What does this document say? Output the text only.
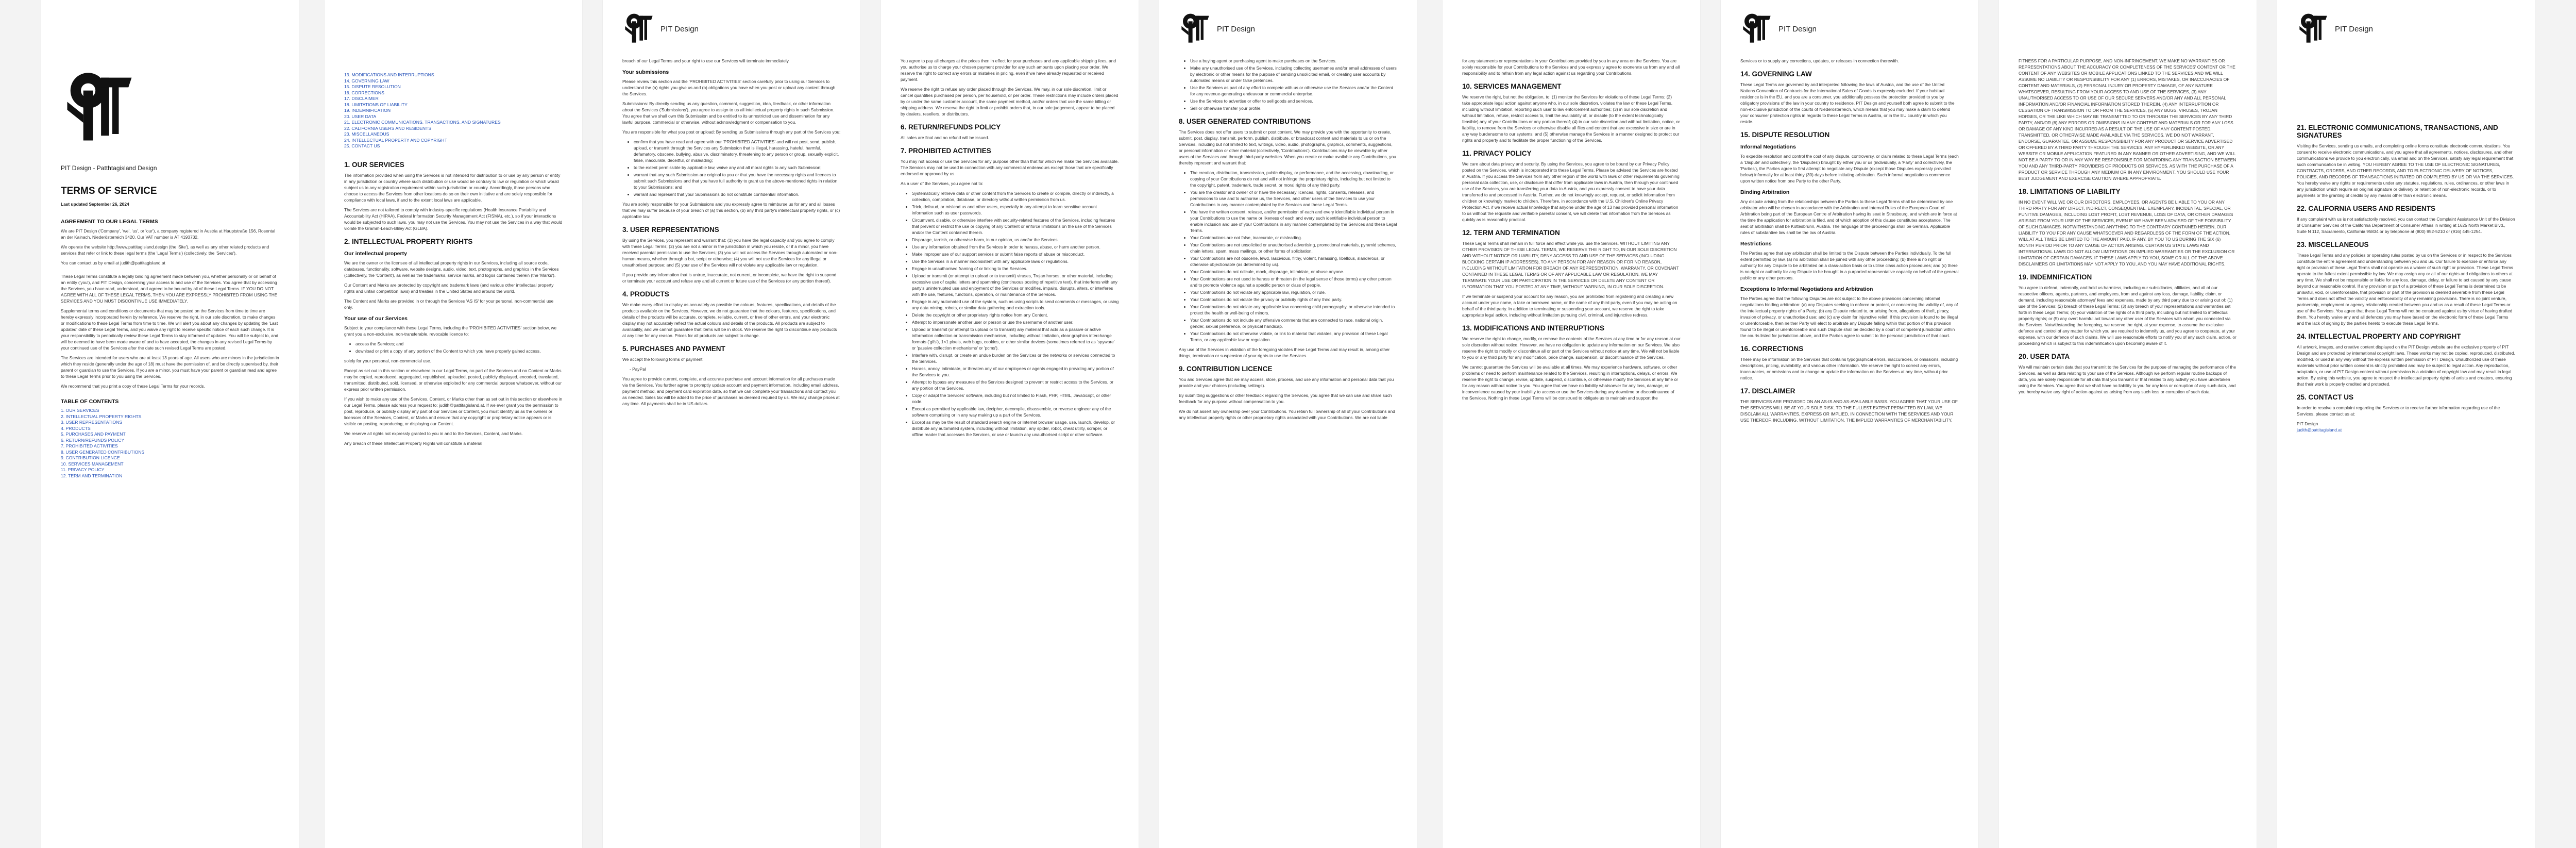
PIT Design - Patthtagisland Design
TERMS OF SERVICE
Last updated September 26, 2024
AGREEMENT TO OUR LEGAL TERMS
We are PIT Design ('Company', 'we', 'us', or 'our'), a company registered in Austria at Hauptstraße 156, Rosental an der Kainach, Niederösterreich 3420. Our VAT number is AT 4193732.
We operate the website http://www.pattitagisland.design (the 'Site'), as well as any other related products and services that refer or link to these legal terms (the 'Legal Terms') (collectively, the 'Services').
You can contact us by email at judith@pattitagisland.at
These Legal Terms constitute a legally binding agreement made between you, whether personally or on behalf of an entity ('you'), and PIT Design, concerning your access to and use of the Services. You agree that by accessing the Services, you have read, understood, and agreed to be bound by all of these Legal Terms. IF YOU DO NOT AGREE WITH ALL OF THESE LEGAL TERMS, THEN YOU ARE EXPRESSLY PROHIBITED FROM USING THE SERVICES AND YOU MUST DISCONTINUE USE IMMEDIATELY.
Supplemental terms and conditions or documents that may be posted on the Services from time to time are hereby expressly incorporated herein by reference. We reserve the right, in our sole discretion, to make changes or modifications to these Legal Terms from time to time. We will alert you about any changes by updating the 'Last updated' date of these Legal Terms, and you waive any right to receive specific notice of each such change. It is your responsibility to periodically review these Legal Terms to stay informed of updates. You will be subject to, and will be deemed to have been made aware of and to have accepted, the changes in any revised Legal Terms by your continued use of the Services after the date such revised Legal Terms are posted.
The Services are intended for users who are at least 13 years of age. All users who are minors in the jurisdiction in which they reside (generally under the age of 18) must have the permission of, and be directly supervised by, their parent or guardian to use the Services. If you are a minor, you must have your parent or guardian read and agree to these Legal Terms prior to you using the Services.
We recommend that you print a copy of these Legal Terms for your records.
TABLE OF CONTENTS
1. OUR SERVICES
2. INTELLECTUAL PROPERTY RIGHTS
3. USER REPRESENTATIONS
4. PRODUCTS
5. PURCHASES AND PAYMENT
6. RETURN/REFUNDS POLICY
7. PROHIBITED ACTIVITIES
8. USER GENERATED CONTRIBUTIONS
9. CONTRIBUTION LICENCE
10. SERVICES MANAGEMENT
11. PRIVACY POLICY
12. TERM AND TERMINATION
13. MODIFICATIONS AND INTERRUPTIONS
14. GOVERNING LAW
15. DISPUTE RESOLUTION
16. CORRECTIONS
17. DISCLAIMER
18. LIMITATIONS OF LIABILITY
19. INDEMNIFICATION
20. USER DATA
21. ELECTRONIC COMMUNICATIONS, TRANSACTIONS, AND SIGNATURES
22. CALIFORNIA USERS AND RESIDENTS
23. MISCELLANEOUS
24. INTELLECTUAL PROPERTY AND COPYRIGHT
25. CONTACT US
1. OUR SERVICES
The information provided when using the Services is not intended for distribution to or use by any person or entity in any jurisdiction or country where such distribution or use would be contrary to law or regulation or which would subject us to any registration requirement within such jurisdiction or country. Accordingly, those persons who choose to access the Services from other locations do so on their own initiative and are solely responsible for compliance with local laws, if and to the extent local laws are applicable.
The Services are not tailored to comply with industry-specific regulations (Health Insurance Portability and Accountability Act (HIPAA), Federal Information Security Management Act (FISMA), etc.), so if your interactions would be subjected to such laws, you may not use the Services. You may not use the Services in a way that would violate the Gramm-Leach-Bliley Act (GLBA).
2. INTELLECTUAL PROPERTY RIGHTS
Our intellectual property
We are the owner or the licensee of all intellectual property rights in our Services, including all source code, databases, functionality, software, website designs, audio, video, text, photographs, and graphics in the Services (collectively, the 'Content'), as well as the trademarks, service marks, and logos contained therein (the 'Marks').
Our Content and Marks are protected by copyright and trademark laws (and various other intellectual property rights and unfair competition laws) and treaties in the United States and around the world.
The Content and Marks are provided in or through the Services 'AS IS' for your personal, non-commercial use only.
Your use of our Services
Subject to your compliance with these Legal Terms, including the 'PROHIBITED ACTIVITIES' section below, we grant you a non-exclusive, non-transferable, revocable licence to:
• access the Services; and
• download or print a copy of any portion of the Content to which you have properly gained access,
solely for your personal, non-commercial use.
Except as set out in this section or elsewhere in our Legal Terms, no part of the Services and no Content or Marks may be copied, reproduced, aggregated, republished, uploaded, posted, publicly displayed, encoded, translated, transmitted, distributed, sold, licensed, or otherwise exploited for any commercial purpose whatsoever, without our express prior written permission.
If you wish to make any use of the Services, Content, or Marks other than as set out in this section or elsewhere in our Legal Terms, please address your request to: judith@pattitagisland.at. If we ever grant you the permission to post, reproduce, or publicly display any part of our Services or Content, you must identify us as the owners or licensors of the Services, Content, or Marks and ensure that any copyright or proprietary notice appears or is visible on posting, reproducing, or displaying our Content.
We reserve all rights not expressly granted to you in and to the Services, Content, and Marks.
Any breach of these Intellectual Property Rights will constitute a material
PIT Design
breach of our Legal Terms and your right to use our Services will terminate immediately.
Your submissions
Please review this section and the 'PROHIBITED ACTIVITIES' section carefully prior to using our Services to understand the (a) rights you give us and (b) obligations you have when you post or upload any content through the Services.
Submissions: By directly sending us any question, comment, suggestion, idea, feedback, or other information about the Services ('Submissions'), you agree to assign to us all intellectual property rights in such Submission. You agree that we shall own this Submission and be entitled to its unrestricted use and dissemination for any lawful purpose, commercial or otherwise, without acknowledgment or compensation to you.
You are responsible for what you post or upload: By sending us Submissions through any part of the Services you:
• confirm that you have read and agree with our 'PROHIBITED ACTIVITIES' and will not post, send, publish, upload, or transmit through the Services any Submission that is illegal, harassing, hateful, harmful, defamatory, obscene, bullying, abusive, discriminatory, threatening to any person or group, sexually explicit, false, inaccurate, deceitful, or misleading;
• to the extent permissible by applicable law, waive any and all moral rights to any such Submission;
• warrant that any such Submission are original to you or that you have the necessary rights and licences to submit such Submissions and that you have full authority to grant us the above-mentioned rights in relation to your Submissions; and
• warrant and represent that your Submissions do not constitute confidential information.
You are solely responsible for your Submissions and you expressly agree to reimburse us for any and all losses that we may suffer because of your breach of (a) this section, (b) any third party's intellectual property rights, or (c) applicable law.
3. USER REPRESENTATIONS
By using the Services, you represent and warrant that: (1) you have the legal capacity and you agree to comply with these Legal Terms; (2) you are not a minor in the jurisdiction in which you reside, or if a minor, you have received parental permission to use the Services; (3) you will not access the Services through automated or non-human means, whether through a bot, script or otherwise; (4) you will not use the Services for any illegal or unauthorised purpose; and (5) your use of the Services will not violate any applicable law or regulation.
If you provide any information that is untrue, inaccurate, not current, or incomplete, we have the right to suspend or terminate your account and refuse any and all current or future use of the Services (or any portion thereof).
4. PRODUCTS
We make every effort to display as accurately as possible the colours, features, specifications, and details of the products available on the Services. However, we do not guarantee that the colours, features, specifications, and details of the products will be accurate, complete, reliable, current, or free of other errors, and your electronic display may not accurately reflect the actual colours and details of the products. All products are subject to availability, and we cannot guarantee that items will be in stock. We reserve the right to discontinue any products at any time for any reason. Prices for all products are subject to change.
5. PURCHASES AND PAYMENT
We accept the following forms of payment:
- PayPal
You agree to provide current, complete, and accurate purchase and account information for all purchases made via the Services. You further agree to promptly update account and payment information, including email address, payment method, and payment card expiration date, so that we can complete your transactions and contact you as needed. Sales tax will be added to the price of purchases as deemed required by us. We may change prices at any time. All payments shall be in US dollars.
You agree to pay all charges at the prices then in effect for your purchases and any applicable shipping fees, and you authorise us to charge your chosen payment provider for any such amounts upon placing your order. We reserve the right to correct any errors or mistakes in pricing, even if we have already requested or received payment.
We reserve the right to refuse any order placed through the Services. We may, in our sole discretion, limit or cancel quantities purchased per person, per household, or per order. These restrictions may include orders placed by or under the same customer account, the same payment method, and/or orders that use the same billing or shipping address. We reserve the right to limit or prohibit orders that, in our sole judgement, appear to be placed by dealers, resellers, or distributors.
6. RETURN/REFUNDS POLICY
All sales are final and no refund will be issued.
7. PROHIBITED ACTIVITIES
You may not access or use the Services for any purpose other than that for which we make the Services available. The Services may not be used in connection with any commercial endeavours except those that are specifically endorsed or approved by us.
As a user of the Services, you agree not to:
• Systematically retrieve data or other content from the Services to create or compile, directly or indirectly, a collection, compilation, database, or directory without written permission from us.
• Trick, defraud, or mislead us and other users, especially in any attempt to learn sensitive account information such as user passwords.
• Circumvent, disable, or otherwise interfere with security-related features of the Services, including features that prevent or restrict the use or copying of any Content or enforce limitations on the use of the Services and/or the Content contained therein.
• Disparage, tarnish, or otherwise harm, in our opinion, us and/or the Services.
• Use any information obtained from the Services in order to harass, abuse, or harm another person.
• Make improper use of our support services or submit false reports of abuse or misconduct.
• Use the Services in a manner inconsistent with any applicable laws or regulations.
• Engage in unauthorised framing of or linking to the Services.
• Upload or transmit (or attempt to upload or to transmit) viruses, Trojan horses, or other material, including excessive use of capital letters and spamming (continuous posting of repetitive text), that interferes with any party's uninterrupted use and enjoyment of the Services or modifies, impairs, disrupts, alters, or interferes with the use, features, functions, operation, or maintenance of the Services.
• Engage in any automated use of the system, such as using scripts to send comments or messages, or using any data mining, robots, or similar data gathering and extraction tools.
• Delete the copyright or other proprietary rights notice from any Content.
• Attempt to impersonate another user or person or use the username of another user.
• Upload or transmit (or attempt to upload or to transmit) any material that acts as a passive or active information collection or transmission mechanism, including without limitation, clear graphics interchange formats ('gifs'), 1×1 pixels, web bugs, cookies, or other similar devices (sometimes referred to as 'spyware' or 'passive collection mechanisms' or 'pcms').
• Interfere with, disrupt, or create an undue burden on the Services or the networks or services connected to the Services.
• Harass, annoy, intimidate, or threaten any of our employees or agents engaged in providing any portion of the Services to you.
• Attempt to bypass any measures of the Services designed to prevent or restrict access to the Services, or any portion of the Services.
• Copy or adapt the Services' software, including but not limited to Flash, PHP, HTML, JavaScript, or other code.
• Except as permitted by applicable law, decipher, decompile, disassemble, or reverse engineer any of the software comprising or in any way making up a part of the Services.
• Except as may be the result of standard search engine or Internet browser usage, use, launch, develop, or distribute any automated system, including without limitation, any spider, robot, cheat utility, scraper, or offline reader that accesses the Services, or use or launch any unauthorised script or other software.
PIT Design
• Use a buying agent or purchasing agent to make purchases on the Services.
• Make any unauthorised use of the Services, including collecting usernames and/or email addresses of users by electronic or other means for the purpose of sending unsolicited email, or creating user accounts by automated means or under false pretences.
• Use the Services as part of any effort to compete with us or otherwise use the Services and/or the Content for any revenue-generating endeavour or commercial enterprise.
• Use the Services to advertise or offer to sell goods and services.
• Sell or otherwise transfer your profile.
8. USER GENERATED CONTRIBUTIONS
The Services does not offer users to submit or post content. We may provide you with the opportunity to create, submit, post, display, transmit, perform, publish, distribute, or broadcast content and materials to us or on the Services, including but not limited to text, writings, video, audio, photographs, graphics, comments, suggestions, or personal information or other material (collectively, 'Contributions'). Contributions may be viewable by other users of the Services and through third-party websites. When you create or make available any Contributions, you thereby represent and warrant that:
• The creation, distribution, transmission, public display, or performance, and the accessing, downloading, or copying of your Contributions do not and will not infringe the proprietary rights, including but not limited to the copyright, patent, trademark, trade secret, or moral rights of any third party.
• You are the creator and owner of or have the necessary licences, rights, consents, releases, and permissions to use and to authorise us, the Services, and other users of the Services to use your Contributions in any manner contemplated by the Services and these Legal Terms.
• You have the written consent, release, and/or permission of each and every identifiable individual person in your Contributions to use the name or likeness of each and every such identifiable individual person to enable inclusion and use of your Contributions in any manner contemplated by the Services and these Legal Terms.
• Your Contributions are not false, inaccurate, or misleading.
• Your Contributions are not unsolicited or unauthorised advertising, promotional materials, pyramid schemes, chain letters, spam, mass mailings, or other forms of solicitation.
• Your Contributions are not obscene, lewd, lascivious, filthy, violent, harassing, libellous, slanderous, or otherwise objectionable (as determined by us).
• Your Contributions do not ridicule, mock, disparage, intimidate, or abuse anyone.
• Your Contributions are not used to harass or threaten (in the legal sense of those terms) any other person and to promote violence against a specific person or class of people.
• Your Contributions do not violate any applicable law, regulation, or rule.
• Your Contributions do not violate the privacy or publicity rights of any third party.
• Your Contributions do not violate any applicable law concerning child pornography, or otherwise intended to protect the health or well-being of minors.
• Your Contributions do not include any offensive comments that are connected to race, national origin, gender, sexual preference, or physical handicap.
• Your Contributions do not otherwise violate, or link to material that violates, any provision of these Legal Terms, or any applicable law or regulation.
Any use of the Services in violation of the foregoing violates these Legal Terms and may result in, among other things, termination or suspension of your rights to use the Services.
9. CONTRIBUTION LICENCE
You and Services agree that we may access, store, process, and use any information and personal data that you provide and your choices (including settings).
By submitting suggestions or other feedback regarding the Services, you agree that we can use and share such feedback for any purpose without compensation to you.
We do not assert any ownership over your Contributions. You retain full ownership of all of your Contributions and any intellectual property rights or other proprietary rights associated with your Contributions. We are not liable
for any statements or representations in your Contributions provided by you in any area on the Services. You are solely responsible for your Contributions to the Services and you expressly agree to exonerate us from any and all responsibility and to refrain from any legal action against us regarding your Contributions.
10. SERVICES MANAGEMENT
We reserve the right, but not the obligation, to: (1) monitor the Services for violations of these Legal Terms; (2) take appropriate legal action against anyone who, in our sole discretion, violates the law or these Legal Terms, including without limitation, reporting such user to law enforcement authorities; (3) in our sole discretion and without limitation, refuse, restrict access to, limit the availability of, or disable (to the extent technologically feasible) any of your Contributions or any portion thereof; (4) in our sole discretion and without limitation, notice, or liability, to remove from the Services or otherwise disable all files and content that are excessive in size or are in any way burdensome to our systems; and (5) otherwise manage the Services in a manner designed to protect our rights and property and to facilitate the proper functioning of the Services.
11. PRIVACY POLICY
We care about data privacy and security. By using the Services, you agree to be bound by our Privacy Policy posted on the Services, which is incorporated into these Legal Terms. Please be advised the Services are hosted in Austria. If you access the Services from any other region of the world with laws or other requirements governing personal data collection, use, or disclosure that differ from applicable laws in Austria, then through your continued use of the Services, you are transferring your data to Austria, and you expressly consent to have your data transferred to and processed in Austria. Further, we do not knowingly accept, request, or solicit information from children or knowingly market to children. Therefore, in accordance with the U.S. Children's Online Privacy Protection Act, if we receive actual knowledge that anyone under the age of 13 has provided personal information to us without the requisite and verifiable parental consent, we will delete that information from the Services as quickly as is reasonably practical.
12. TERM AND TERMINATION
These Legal Terms shall remain in full force and effect while you use the Services. WITHOUT LIMITING ANY OTHER PROVISION OF THESE LEGAL TERMS, WE RESERVE THE RIGHT TO, IN OUR SOLE DISCRETION AND WITHOUT NOTICE OR LIABILITY, DENY ACCESS TO AND USE OF THE SERVICES (INCLUDING BLOCKING CERTAIN IP ADDRESSES), TO ANY PERSON FOR ANY REASON OR FOR NO REASON, INCLUDING WITHOUT LIMITATION FOR BREACH OF ANY REPRESENTATION, WARRANTY, OR COVENANT CONTAINED IN THESE LEGAL TERMS OR OF ANY APPLICABLE LAW OR REGULATION. WE MAY TERMINATE YOUR USE OR PARTICIPATION IN THE SERVICES OR DELETE ANY CONTENT OR INFORMATION THAT YOU POSTED AT ANY TIME, WITHOUT WARNING, IN OUR SOLE DISCRETION.
If we terminate or suspend your account for any reason, you are prohibited from registering and creating a new account under your name, a fake or borrowed name, or the name of any third party, even if you may be acting on behalf of the third party. In addition to terminating or suspending your account, we reserve the right to take appropriate legal action, including without limitation pursuing civil, criminal, and injunctive redress.
13. MODIFICATIONS AND INTERRUPTIONS
We reserve the right to change, modify, or remove the contents of the Services at any time or for any reason at our sole discretion without notice. However, we have no obligation to update any information on our Services. We also reserve the right to modify or discontinue all or part of the Services without notice at any time. We will not be liable to you or any third party for any modification, price change, suspension, or discontinuance of the Services.
We cannot guarantee the Services will be available at all times. We may experience hardware, software, or other problems or need to perform maintenance related to the Services, resulting in interruptions, delays, or errors. We reserve the right to change, revise, update, suspend, discontinue, or otherwise modify the Services at any time or for any reason without notice to you. You agree that we have no liability whatsoever for any loss, damage, or inconvenience caused by your inability to access or use the Services during any downtime or discontinuance of the Services. Nothing in these Legal Terms will be construed to obligate us to maintain and support the
PIT Design
Services or to supply any corrections, updates, or releases in connection therewith.
14. GOVERNING LAW
These Legal Terms are governed by and interpreted following the laws of Austria, and the use of the United Nations Convention of Contracts for the International Sales of Goods is expressly excluded. If your habitual residence is in the EU, and you are a consumer, you additionally possess the protection provided to you by obligatory provisions of the law in your country to residence. PIT Design and yourself both agree to submit to the non-exclusive jurisdiction of the courts of Niederösterreich, which means that you may make a claim to defend your consumer protection rights in regards to these Legal Terms in Austria, or in the EU country in which you reside.
15. DISPUTE RESOLUTION
Informal Negotiations
To expedite resolution and control the cost of any dispute, controversy, or claim related to these Legal Terms (each a 'Dispute' and collectively, the 'Disputes') brought by either you or us (individually, a 'Party' and collectively, the 'Parties'), the Parties agree to first attempt to negotiate any Dispute (except those Disputes expressly provided below) informally for at least thirty (30) days before initiating arbitration. Such informal negotiations commence upon written notice from one Party to the other Party.
Binding Arbitration
Any dispute arising from the relationships between the Parties to these Legal Terms shall be determined by one arbitrator who will be chosen in accordance with the Arbitration and Internal Rules of the European Court of Arbitration being part of the European Centre of Arbitration having its seat in Strasbourg, and which are in force at the time the application for arbitration is filed, and of which adoption of this clause constitutes acceptance. The seat of arbitration shall be Kottesbrunn, Austria. The language of the proceedings shall be German. Applicable rules of substantive law shall be the law of Austria.
Restrictions
The Parties agree that any arbitration shall be limited to the Dispute between the Parties individually. To the full extent permitted by law, (a) no arbitration shall be joined with any other proceeding; (b) there is no right or authority for any Dispute to be arbitrated on a class-action basis or to utilise class action procedures; and (c) there is no right or authority for any Dispute to be brought in a purported representative capacity on behalf of the general public or any other persons.
Exceptions to Informal Negotiations and Arbitration
The Parties agree that the following Disputes are not subject to the above provisions concerning informal negotiations binding arbitration: (a) any Disputes seeking to enforce or protect, or concerning the validity of, any of the intellectual property rights of a Party; (b) any Dispute related to, or arising from, allegations of theft, piracy, invasion of privacy, or unauthorised use; and (c) any claim for injunctive relief. If this provision is found to be illegal or unenforceable, then neither Party will elect to arbitrate any Dispute falling within that portion of this provision found to be illegal or unenforceable and such Dispute shall be decided by a court of competent jurisdiction within the courts listed for jurisdiction above, and the Parties agree to submit to the personal jurisdiction of that court.
16. CORRECTIONS
There may be information on the Services that contains typographical errors, inaccuracies, or omissions, including descriptions, pricing, availability, and various other information. We reserve the right to correct any errors, inaccuracies, or omissions and to change or update the information on the Services at any time, without prior notice.
17. DISCLAIMER
THE SERVICES ARE PROVIDED ON AN AS-IS AND AS-AVAILABLE BASIS. YOU AGREE THAT YOUR USE OF THE SERVICES WILL BE AT YOUR SOLE RISK. TO THE FULLEST EXTENT PERMITTED BY LAW, WE DISCLAIM ALL WARRANTIES, EXPRESS OR IMPLIED, IN CONNECTION WITH THE SERVICES AND YOUR USE THEREOF, INCLUDING, WITHOUT LIMITATION, THE IMPLIED WARRANTIES OF MERCHANTABILITY,
FITNESS FOR A PARTICULAR PURPOSE, AND NON-INFRINGEMENT. WE MAKE NO WARRANTIES OR REPRESENTATIONS ABOUT THE ACCURACY OR COMPLETENESS OF THE SERVICES' CONTENT OR THE CONTENT OF ANY WEBSITES OR MOBILE APPLICATIONS LINKED TO THE SERVICES AND WE WILL ASSUME NO LIABILITY OR RESPONSIBILITY FOR ANY (1) ERRORS, MISTAKES, OR INACCURACIES OF CONTENT AND MATERIALS, (2) PERSONAL INJURY OR PROPERTY DAMAGE, OF ANY NATURE WHATSOEVER, RESULTING FROM YOUR ACCESS TO AND USE OF THE SERVICES, (3) ANY UNAUTHORISED ACCESS TO OR USE OF OUR SECURE SERVERS AND/OR ANY AND ALL PERSONAL INFORMATION AND/OR FINANCIAL INFORMATION STORED THEREIN, (4) ANY INTERRUPTION OR CESSATION OF TRANSMISSION TO OR FROM THE SERVICES, (5) ANY BUGS, VIRUSES, TROJAN HORSES, OR THE LIKE WHICH MAY BE TRANSMITTED TO OR THROUGH THE SERVICES BY ANY THIRD PARTY, AND/OR (6) ANY ERRORS OR OMISSIONS IN ANY CONTENT AND MATERIALS OR FOR ANY LOSS OR DAMAGE OF ANY KIND INCURRED AS A RESULT OF THE USE OF ANY CONTENT POSTED, TRANSMITTED, OR OTHERWISE MADE AVAILABLE VIA THE SERVICES. WE DO NOT WARRANT, ENDORSE, GUARANTEE, OR ASSUME RESPONSIBILITY FOR ANY PRODUCT OR SERVICE ADVERTISED OR OFFERED BY A THIRD PARTY THROUGH THE SERVICES, ANY HYPERLINKED WEBSITE, OR ANY WEBSITE OR MOBILE APPLICATION FEATURED IN ANY BANNER OR OTHER ADVERTISING, AND WE WILL NOT BE A PARTY TO OR IN ANY WAY BE RESPONSIBLE FOR MONITORING ANY TRANSACTION BETWEEN YOU AND ANY THIRD-PARTY PROVIDERS OF PRODUCTS OR SERVICES. AS WITH THE PURCHASE OF A PRODUCT OR SERVICE THROUGH ANY MEDIUM OR IN ANY ENVIRONMENT, YOU SHOULD USE YOUR BEST JUDGEMENT AND EXERCISE CAUTION WHERE APPROPRIATE.
18. LIMITATIONS OF LIABILITY
IN NO EVENT WILL WE OR OUR DIRECTORS, EMPLOYEES, OR AGENTS BE LIABLE TO YOU OR ANY THIRD PARTY FOR ANY DIRECT, INDIRECT, CONSEQUENTIAL, EXEMPLARY, INCIDENTAL, SPECIAL, OR PUNITIVE DAMAGES, INCLUDING LOST PROFIT, LOST REVENUE, LOSS OF DATA, OR OTHER DAMAGES ARISING FROM YOUR USE OF THE SERVICES, EVEN IF WE HAVE BEEN ADVISED OF THE POSSIBILITY OF SUCH DAMAGES. NOTWITHSTANDING ANYTHING TO THE CONTRARY CONTAINED HEREIN, OUR LIABILITY TO YOU FOR ANY CAUSE WHATSOEVER AND REGARDLESS OF THE FORM OF THE ACTION, WILL AT ALL TIMES BE LIMITED TO THE AMOUNT PAID, IF ANY, BY YOU TO US DURING THE SIX (6) MONTH PERIOD PRIOR TO ANY CAUSE OF ACTION ARISING. CERTAIN US STATE LAWS AND INTERNATIONAL LAWS DO NOT ALLOW LIMITATIONS ON IMPLIED WARRANTIES OR THE EXCLUSION OR LIMITATION OF CERTAIN DAMAGES. IF THESE LAWS APPLY TO YOU, SOME OR ALL OF THE ABOVE DISCLAIMERS OR LIMITATIONS MAY NOT APPLY TO YOU, AND YOU MAY HAVE ADDITIONAL RIGHTS.
19. INDEMNIFICATION
You agree to defend, indemnify, and hold us harmless, including our subsidiaries, affiliates, and all of our respective officers, agents, partners, and employees, from and against any loss, damage, liability, claim, or demand, including reasonable attorneys' fees and expenses, made by any third party due to or arising out of: (1) use of the Services; (2) breach of these Legal Terms; (3) any breach of your representations and warranties set forth in these Legal Terms; (4) your violation of the rights of a third party, including but not limited to intellectual property rights; or (5) any overt harmful act toward any other user of the Services with whom you connected via the Services. Notwithstanding the foregoing, we reserve the right, at your expense, to assume the exclusive defence and control of any matter for which you are required to indemnify us, and you agree to cooperate, at your expense, with our defence of such claims. We will use reasonable efforts to notify you of any such claim, action, or proceeding which is subject to this indemnification upon becoming aware of it.
20. USER DATA
We will maintain certain data that you transmit to the Services for the purpose of managing the performance of the Services, as well as data relating to your use of the Services. Although we perform regular routine backups of data, you are solely responsible for all data that you transmit or that relates to any activity you have undertaken using the Services. You agree that we shall have no liability to you for any loss or corruption of any such data, and you hereby waive any right of action against us arising from any such loss or corruption of such data.
PIT Design
21. ELECTRONIC COMMUNICATIONS, TRANSACTIONS, AND SIGNATURES
Visiting the Services, sending us emails, and completing online forms constitute electronic communications. You consent to receive electronic communications, and you agree that all agreements, notices, disclosures, and other communications we provide to you electronically, via email and on the Services, satisfy any legal requirement that such communication be in writing. YOU HEREBY AGREE TO THE USE OF ELECTRONIC SIGNATURES, CONTRACTS, ORDERS, AND OTHER RECORDS, AND TO ELECTRONIC DELIVERY OF NOTICES, POLICIES, AND RECORDS OF TRANSACTIONS INITIATED OR COMPLETED BY US OR VIA THE SERVICES. You hereby waive any rights or requirements under any statutes, regulations, rules, ordinances, or other laws in any jurisdiction which require an original signature or delivery or retention of non-electronic records, or to payments or the granting of credits by any means other than electronic means.
22. CALIFORNIA USERS AND RESIDENTS
If any complaint with us is not satisfactorily resolved, you can contact the Complaint Assistance Unit of the Division of Consumer Services of the California Department of Consumer Affairs in writing at 1625 North Market Blvd., Suite N 112, Sacramento, California 95834 or by telephone at (800) 952-5210 or (916) 445-1254.
23. MISCELLANEOUS
These Legal Terms and any policies or operating rules posted by us on the Services or in respect to the Services constitute the entire agreement and understanding between you and us. Our failure to exercise or enforce any right or provision of these Legal Terms shall not operate as a waiver of such right or provision. These Legal Terms operate to the fullest extent permissible by law. We may assign any or all of our rights and obligations to others at any time. We shall not be responsible or liable for any loss, damage, delay, or failure to act caused by any cause beyond our reasonable control. If any provision or part of a provision of these Legal Terms is determined to be unlawful, void, or unenforceable, that provision or part of the provision is deemed severable from these Legal Terms and does not affect the validity and enforceability of any remaining provisions. There is no joint venture, partnership, employment or agency relationship created between you and us as a result of these Legal Terms or use of the Services. You agree that these Legal Terms will not be construed against us by virtue of having drafted them. You hereby waive any and all defences you may have based on the electronic form of these Legal Terms and the lack of signing by the parties hereto to execute these Legal Terms.
24. INTELLECTUAL PROPERTY AND COPYRIGHT
All artwork, images, and creative content displayed on the PIT Design website are the exclusive property of PIT Design and are protected by international copyright laws. These works may not be copied, reproduced, distributed, modified, or used in any way without the express written permission of PIT Design. Unauthorized use of these materials without prior written consent is strictly prohibited and may be subject to legal action. Any reproduction, adaptation, or use of PIT Design content without permission is a violation of copyright law and may result in legal action. By using this website, you agree to respect the intellectual property rights of artists and creators, ensuring that their work is properly credited and protected.
25. CONTACT US
In order to resolve a complaint regarding the Services or to receive further information regarding use of the Services, please contact us at:
PIT Design
judith@pattitagisland.at
